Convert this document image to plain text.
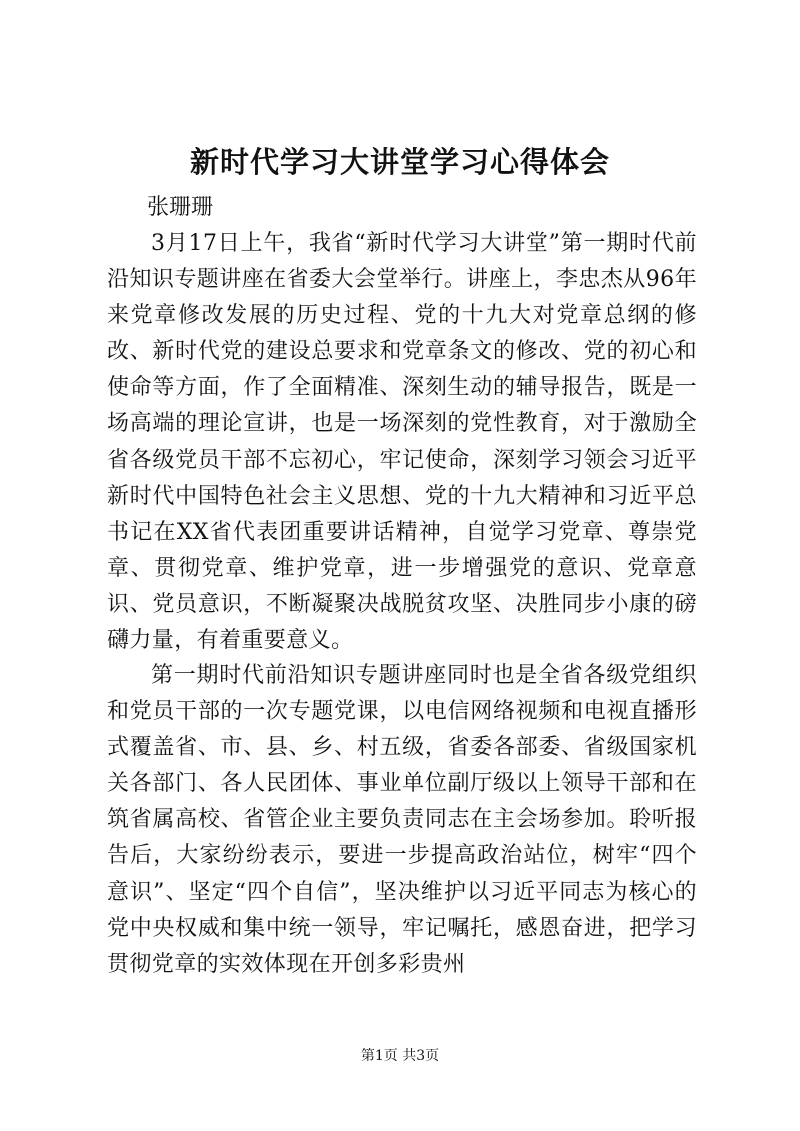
新时代学习大讲堂学习心得体会

张珊珊

3月17日上午，我省“新时代学习大讲堂”第一期时代前沿知识专题讲座在省委大会堂举行。讲座上，李忠杰从96年来党章修改发展的历史过程、党的十九大对党章总纲的修改、新时代党的建设总要求和党章条文的修改、党的初心和使命等方面，作了全面精准、深刻生动的辅导报告，既是一场高端的理论宣讲，也是一场深刻的党性教育，对于激励全省各级党员干部不忘初心，牢记使命，深刻学习领会习近平新时代中国特色社会主义思想、党的十九大精神和习近平总书记在XX省代表团重要讲话精神，自觉学习党章、尊崇党章、贯彻党章、维护党章，进一步增强党的意识、党章意识、党员意识，不断凝聚决战脱贫攻坚、决胜同步小康的磅礴力量，有着重要意义。

第一期时代前沿知识专题讲座同时也是全省各级党组织和党员干部的一次专题党课，以电信网络视频和电视直播形式覆盖省、市、县、乡、村五级，省委各部委、省级国家机关各部门、各人民团体、事业单位副厅级以上领导干部和在筑省属高校、省管企业主要负责同志在主会场参加。聆听报告后，大家纷纷表示，要进一步提高政治站位，树牢“四个意识”、坚定“四个自信”，坚决维护以习近平同志为核心的党中央权威和集中统一领导，牢记嘱托，感恩奋进，把学习贯彻党章的实效体现在开创多彩贵州

第1页 共3页
